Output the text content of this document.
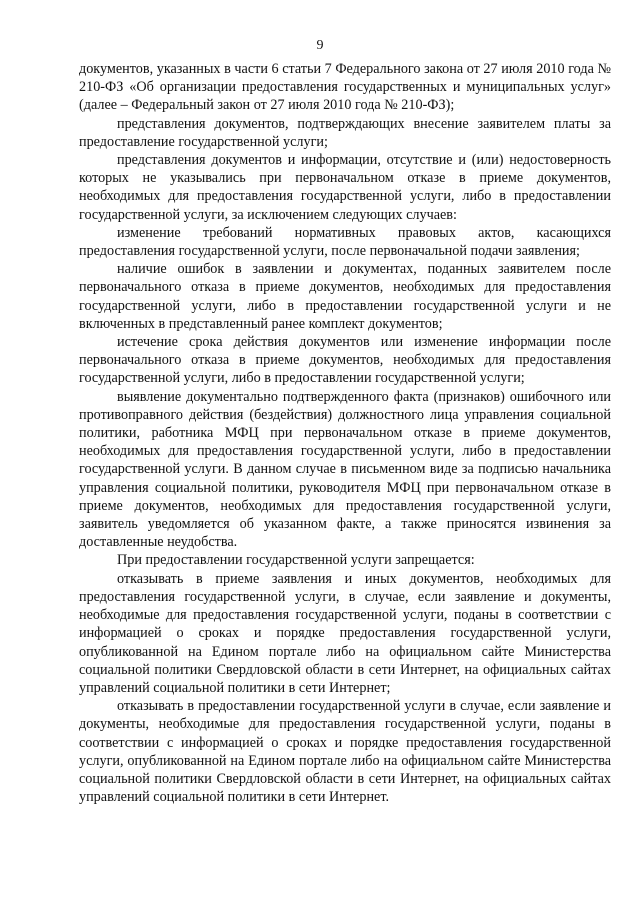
9

документов, указанных в части 6 статьи 7 Федерального закона от 27 июля 2010 года № 210-ФЗ «Об организации предоставления государственных и муниципальных услуг» (далее – Федеральный закон от 27 июля 2010 года № 210-ФЗ);

представления документов, подтверждающих внесение заявителем платы за предоставление государственной услуги;

представления документов и информации, отсутствие и (или) недостоверность которых не указывались при первоначальном отказе в приеме документов, необходимых для предоставления государственной услуги, либо в предоставлении государственной услуги, за исключением следующих случаев:

изменение требований нормативных правовых актов, касающихся предоставления государственной услуги, после первоначальной подачи заявления;

наличие ошибок в заявлении и документах, поданных заявителем после первоначального отказа в приеме документов, необходимых для предоставления государственной услуги, либо в предоставлении государственной услуги и не включенных в представленный ранее комплект документов;

истечение срока действия документов или изменение информации после первоначального отказа в приеме документов, необходимых для предоставления государственной услуги, либо в предоставлении государственной услуги;

выявление документально подтвержденного факта (признаков) ошибочного или противоправного действия (бездействия) должностного лица управления социальной политики, работника МФЦ при первоначальном отказе в приеме документов, необходимых для предоставления государственной услуги, либо в предоставлении государственной услуги. В данном случае в письменном виде за подписью начальника управления социальной политики, руководителя МФЦ при первоначальном отказе в приеме документов, необходимых для предоставления государственной услуги, заявитель уведомляется об указанном факте, а также приносятся извинения за доставленные неудобства.

При предоставлении государственной услуги запрещается:

отказывать в приеме заявления и иных документов, необходимых для предоставления государственной услуги, в случае, если заявление и документы, необходимые для предоставления государственной услуги, поданы в соответствии с информацией о сроках и порядке предоставления государственной услуги, опубликованной на Едином портале либо на официальном сайте Министерства социальной политики Свердловской области в сети Интернет, на официальных сайтах управлений социальной политики в сети Интернет;

отказывать в предоставлении государственной услуги в случае, если заявление и документы, необходимые для предоставления государственной услуги, поданы в соответствии с информацией о сроках и порядке предоставления государственной услуги, опубликованной на Едином портале либо на официальном сайте Министерства социальной политики Свердловской области в сети Интернет, на официальных сайтах управлений социальной политики в сети Интернет.
